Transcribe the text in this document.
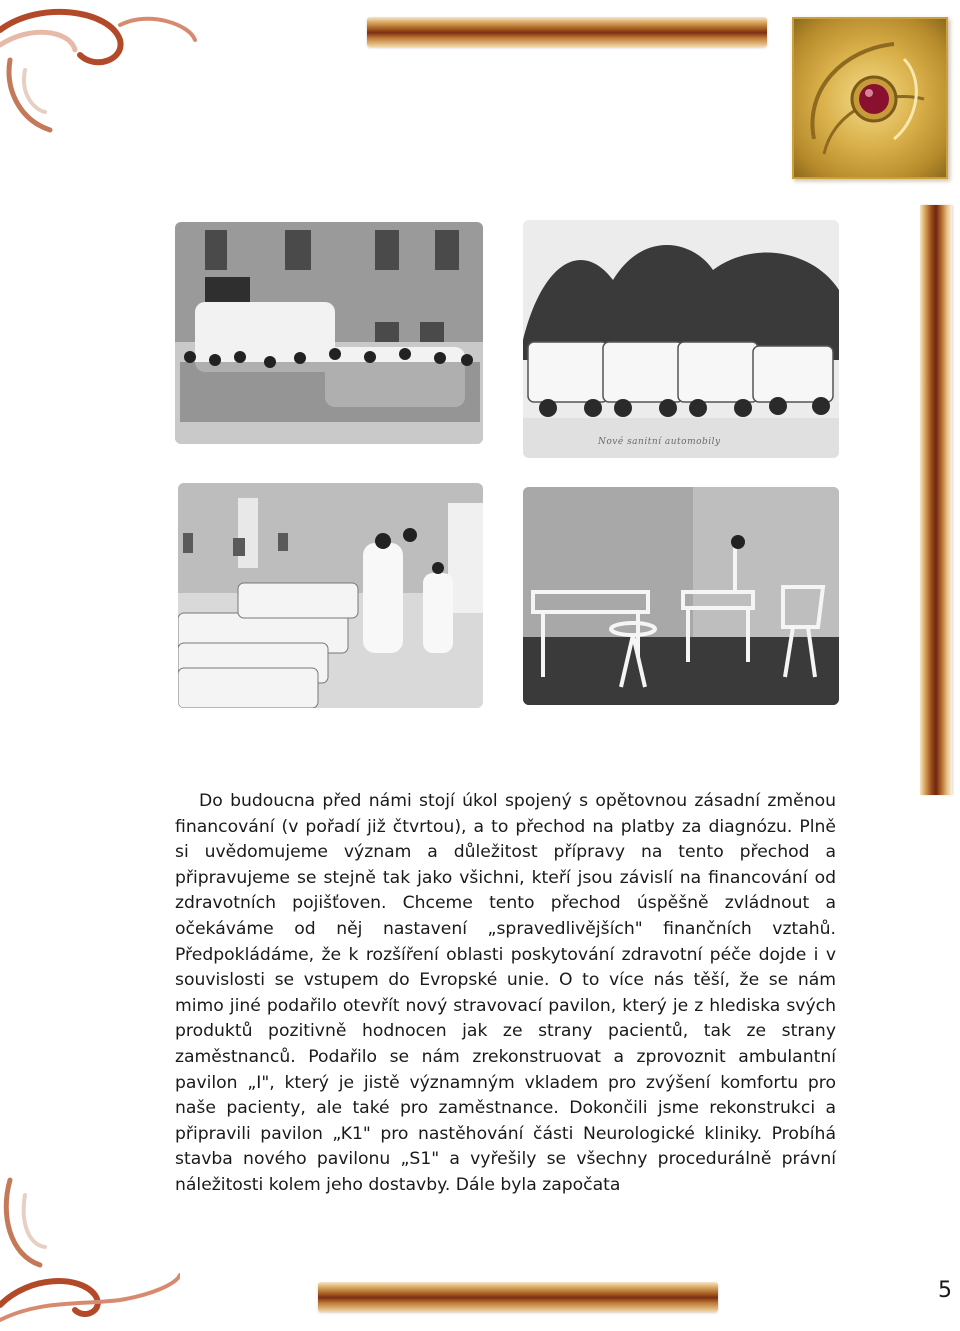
Nové sanitní automobily
Do budoucna před námi stojí úkol spojený s opětovnou zásadní změnou financování (v pořadí již čtvrtou), a to přechod na platby za diagnózu. Plně si uvědomujeme význam a důležitost přípravy na tento přechod a připravujeme se stejně tak jako všichni, kteří jsou závislí na financování od zdravotních pojišťoven. Chceme tento přechod úspěšně zvládnout a očekáváme od něj nastavení „spravedlivějších" finančních vztahů. Předpokládáme, že k rozšíření oblasti poskytování zdravotní péče dojde i v souvislosti se vstupem do Evropské unie. O to více nás těší, že se nám mimo jiné podařilo otevřít nový stravovací pavilon, který je z hlediska svých produktů pozitivně hodnocen jak ze strany pacientů, tak ze strany zaměstnanců. Podařilo se nám zrekonstruovat a zprovoznit ambulantní pavilon „I", který je jistě významným vkladem pro zvýšení komfortu pro naše pacienty, ale také pro zaměstnance. Dokončili jsme rekonstrukci a připravili pavilon „K1" pro nastěhování části Neurologické kliniky. Probíhá stavba nového pavilonu „S1" a vyřešily se všechny procedurálně právní náležitosti kolem jeho dostavby. Dále byla započata
5
